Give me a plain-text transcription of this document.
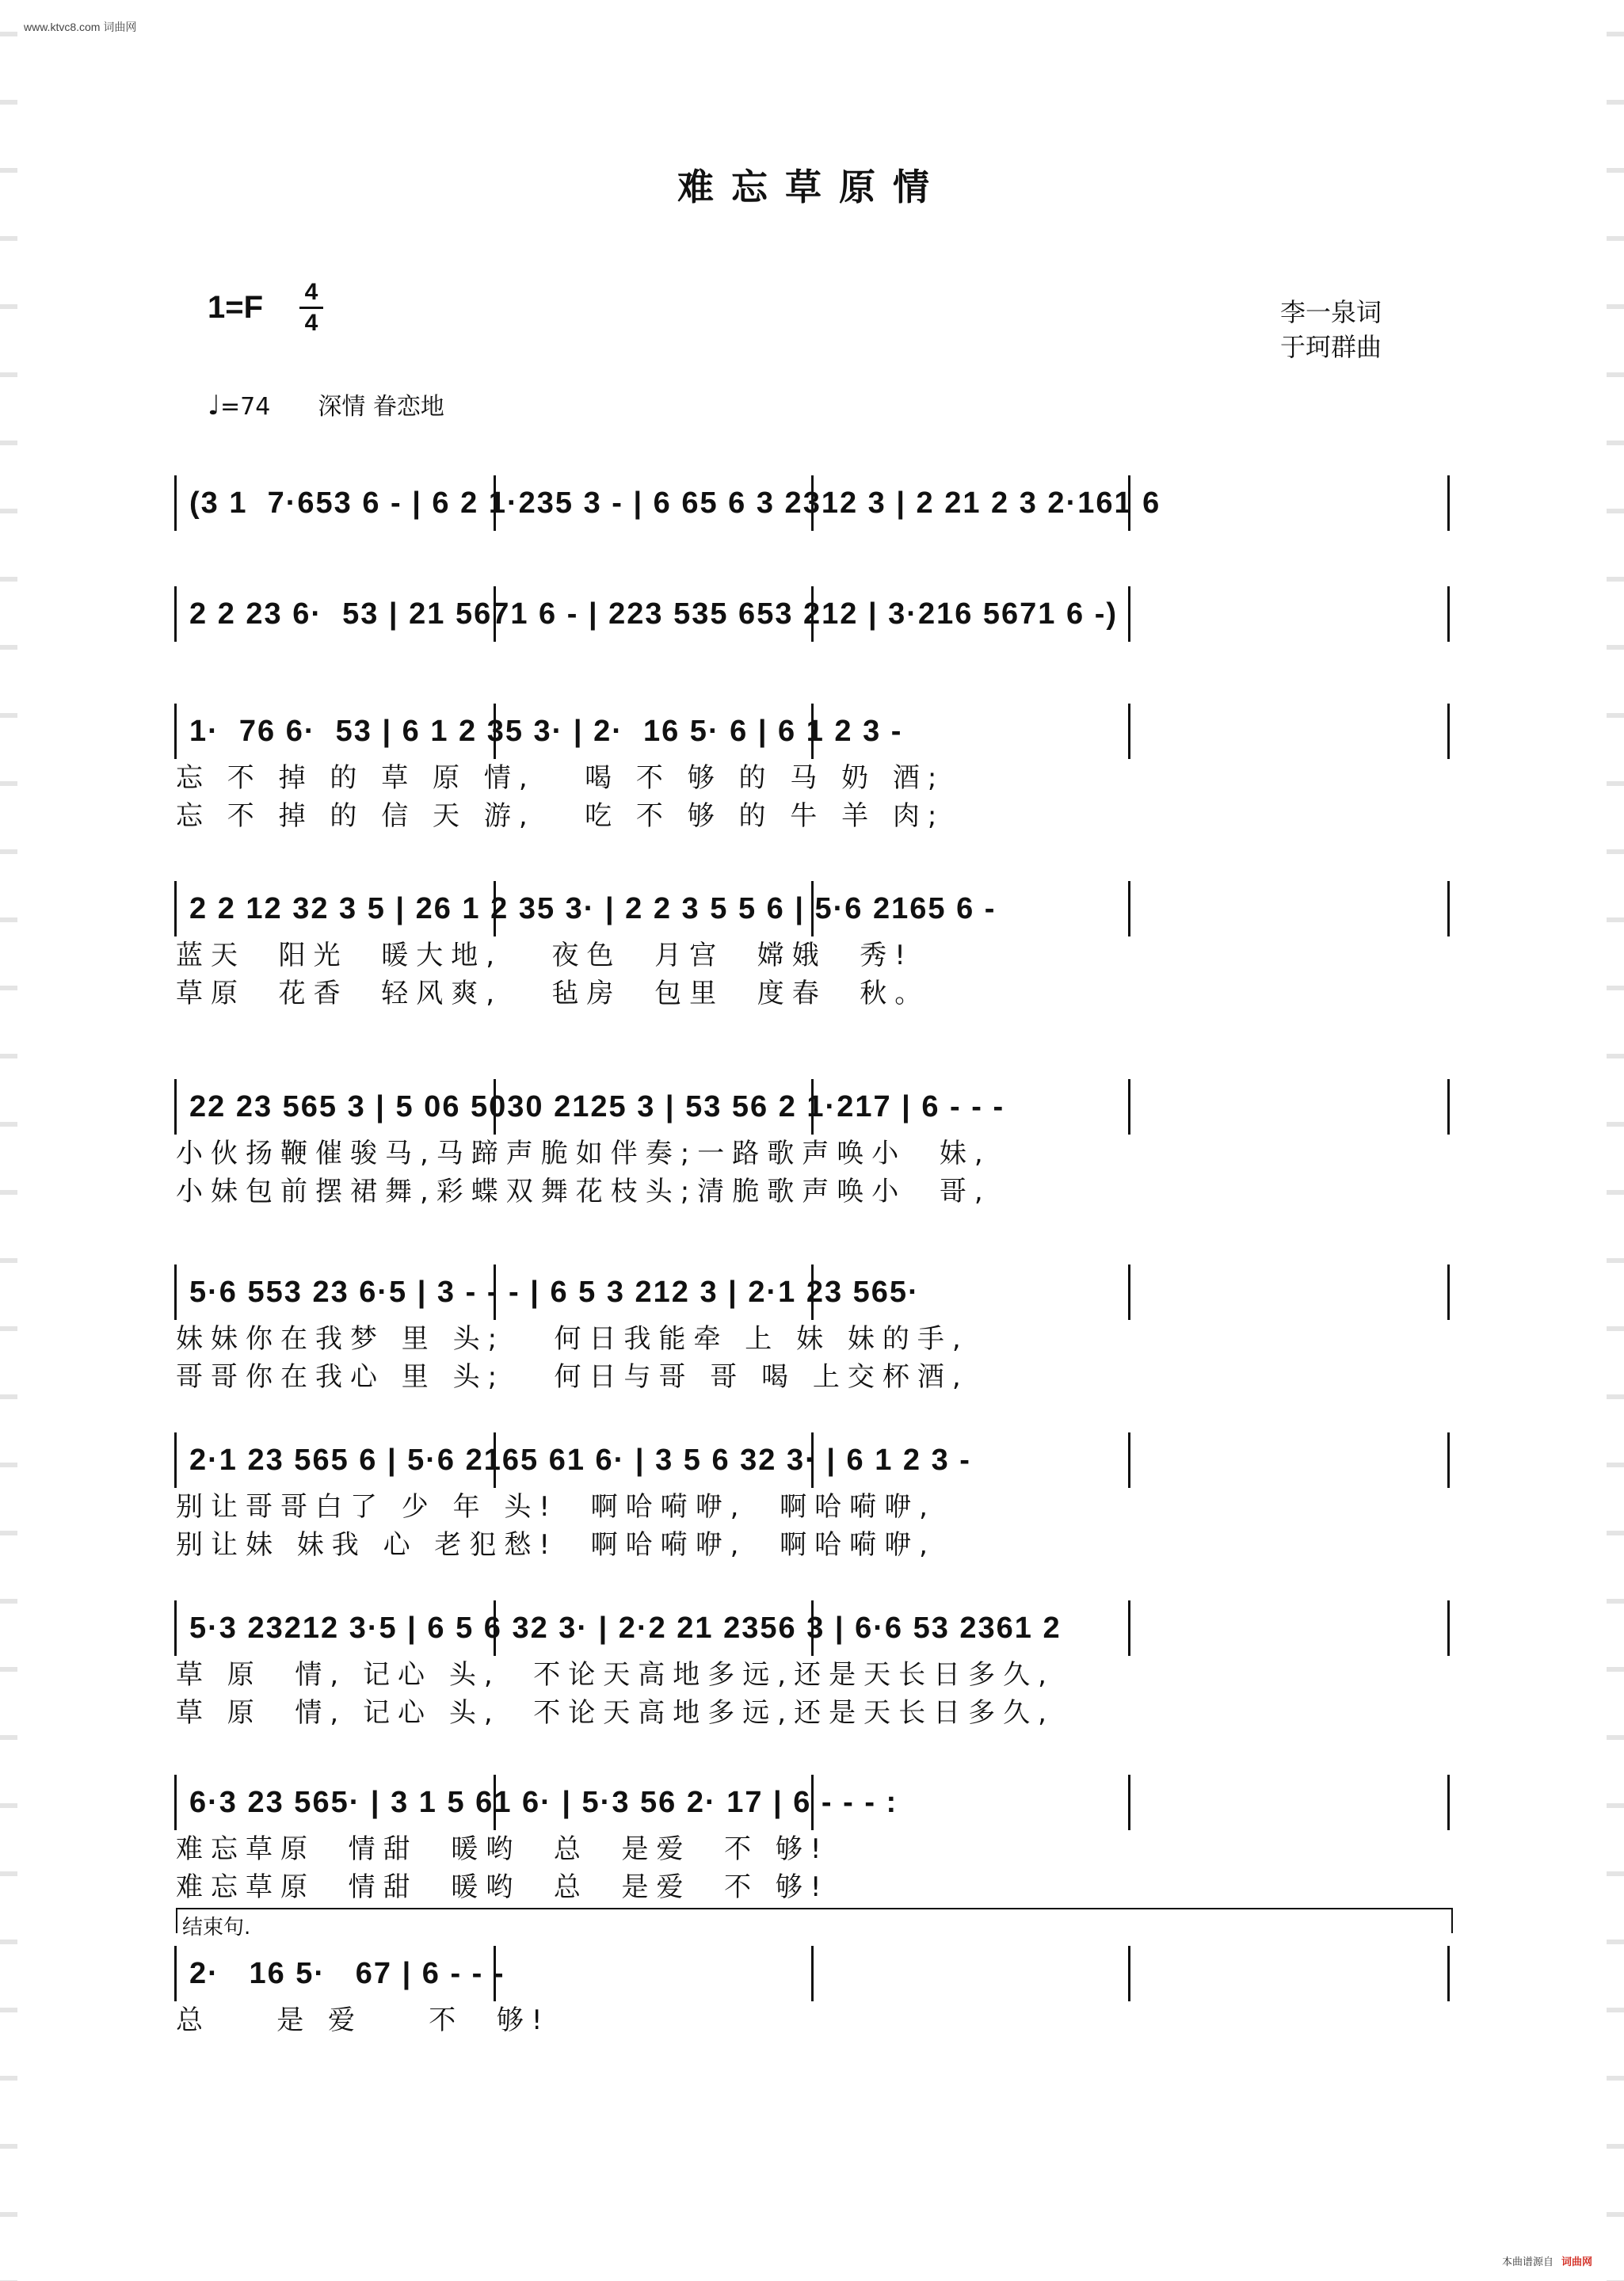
www.ktvc8.com 词曲网
难忘草原情
1=F 4
4	李一泉词
于珂群曲
♩=74 深情 眷恋地
(3 1  7·653 6 - | 6 2 1·235 3 - | 6 65 6 3 2312 3 | 2 21 2 3 2·161 6
2 2 23 6·  53 | 21 5671 6 - | 223 535 653 212 | 3·216 5671 6 -)
1·  76 6·  53 | 6 1 2 35 3· | 2·  16 5· 6 | 6 1 2 3 -
忘 不 掉 的 草 原 情,   喝 不 够 的 马 奶 酒;
忘 不 掉 的 信 天 游,   吃 不 够 的 牛 羊 肉;
2 2 12 32 3 5 | 26 1 2 35 3· | 2 2 3 5 5 6 | 5·6 2165 6 -
蓝天  阳光  暖大地,   夜色  月宫  嫦娥  秀!
草原  花香  轻风爽,   毡房  包里  度春  秋。
22 23 565 3 | 5 06 5030 2125 3 | 53 56 2 1·217 | 6 - - -
小伙扬鞭催骏马,马蹄声脆如伴奏;一路歌声唤小  妹,
小妹包前摆裙舞,彩蝶双舞花枝头;清脆歌声唤小  哥,
5·6 553 23 6·5 | 3 - - - | 6 5 3 212 3 | 2·1 23 565·
妹妹你在我梦 里 头;   何日我能牵 上 妹 妹的手,
哥哥你在我心 里 头;   何日与哥 哥 喝 上交杯酒,
2·1 23 565 6 | 5·6 2165 61 6· | 3 5 6 32 3· | 6 1 2 3 -
别让哥哥白了 少 年 头!  啊哈嗬咿,  啊哈嗬咿,
别让妹 妹我 心 老犯愁!  啊哈嗬咿,  啊哈嗬咿,
5·3 23212 3·5 | 6 5 6 32 3· | 2·2 21 2356 3 | 6·6 53 2361 2
草 原  情, 记心 头,  不论天高地多远,还是天长日多久,
草 原  情, 记心 头,  不论天高地多远,还是天长日多久,
6·3 23 565· | 3 1 5 61 6· | 5·3 56 2· 17 | 6 - - - :
难忘草原  情甜  暖哟  总  是爱  不 够!
难忘草原  情甜  暖哟  总  是爱  不 够!
结束句.
2·   16 5·   67 | 6 - - -
总    是 爱    不  够!
本曲谱源自 词曲网
